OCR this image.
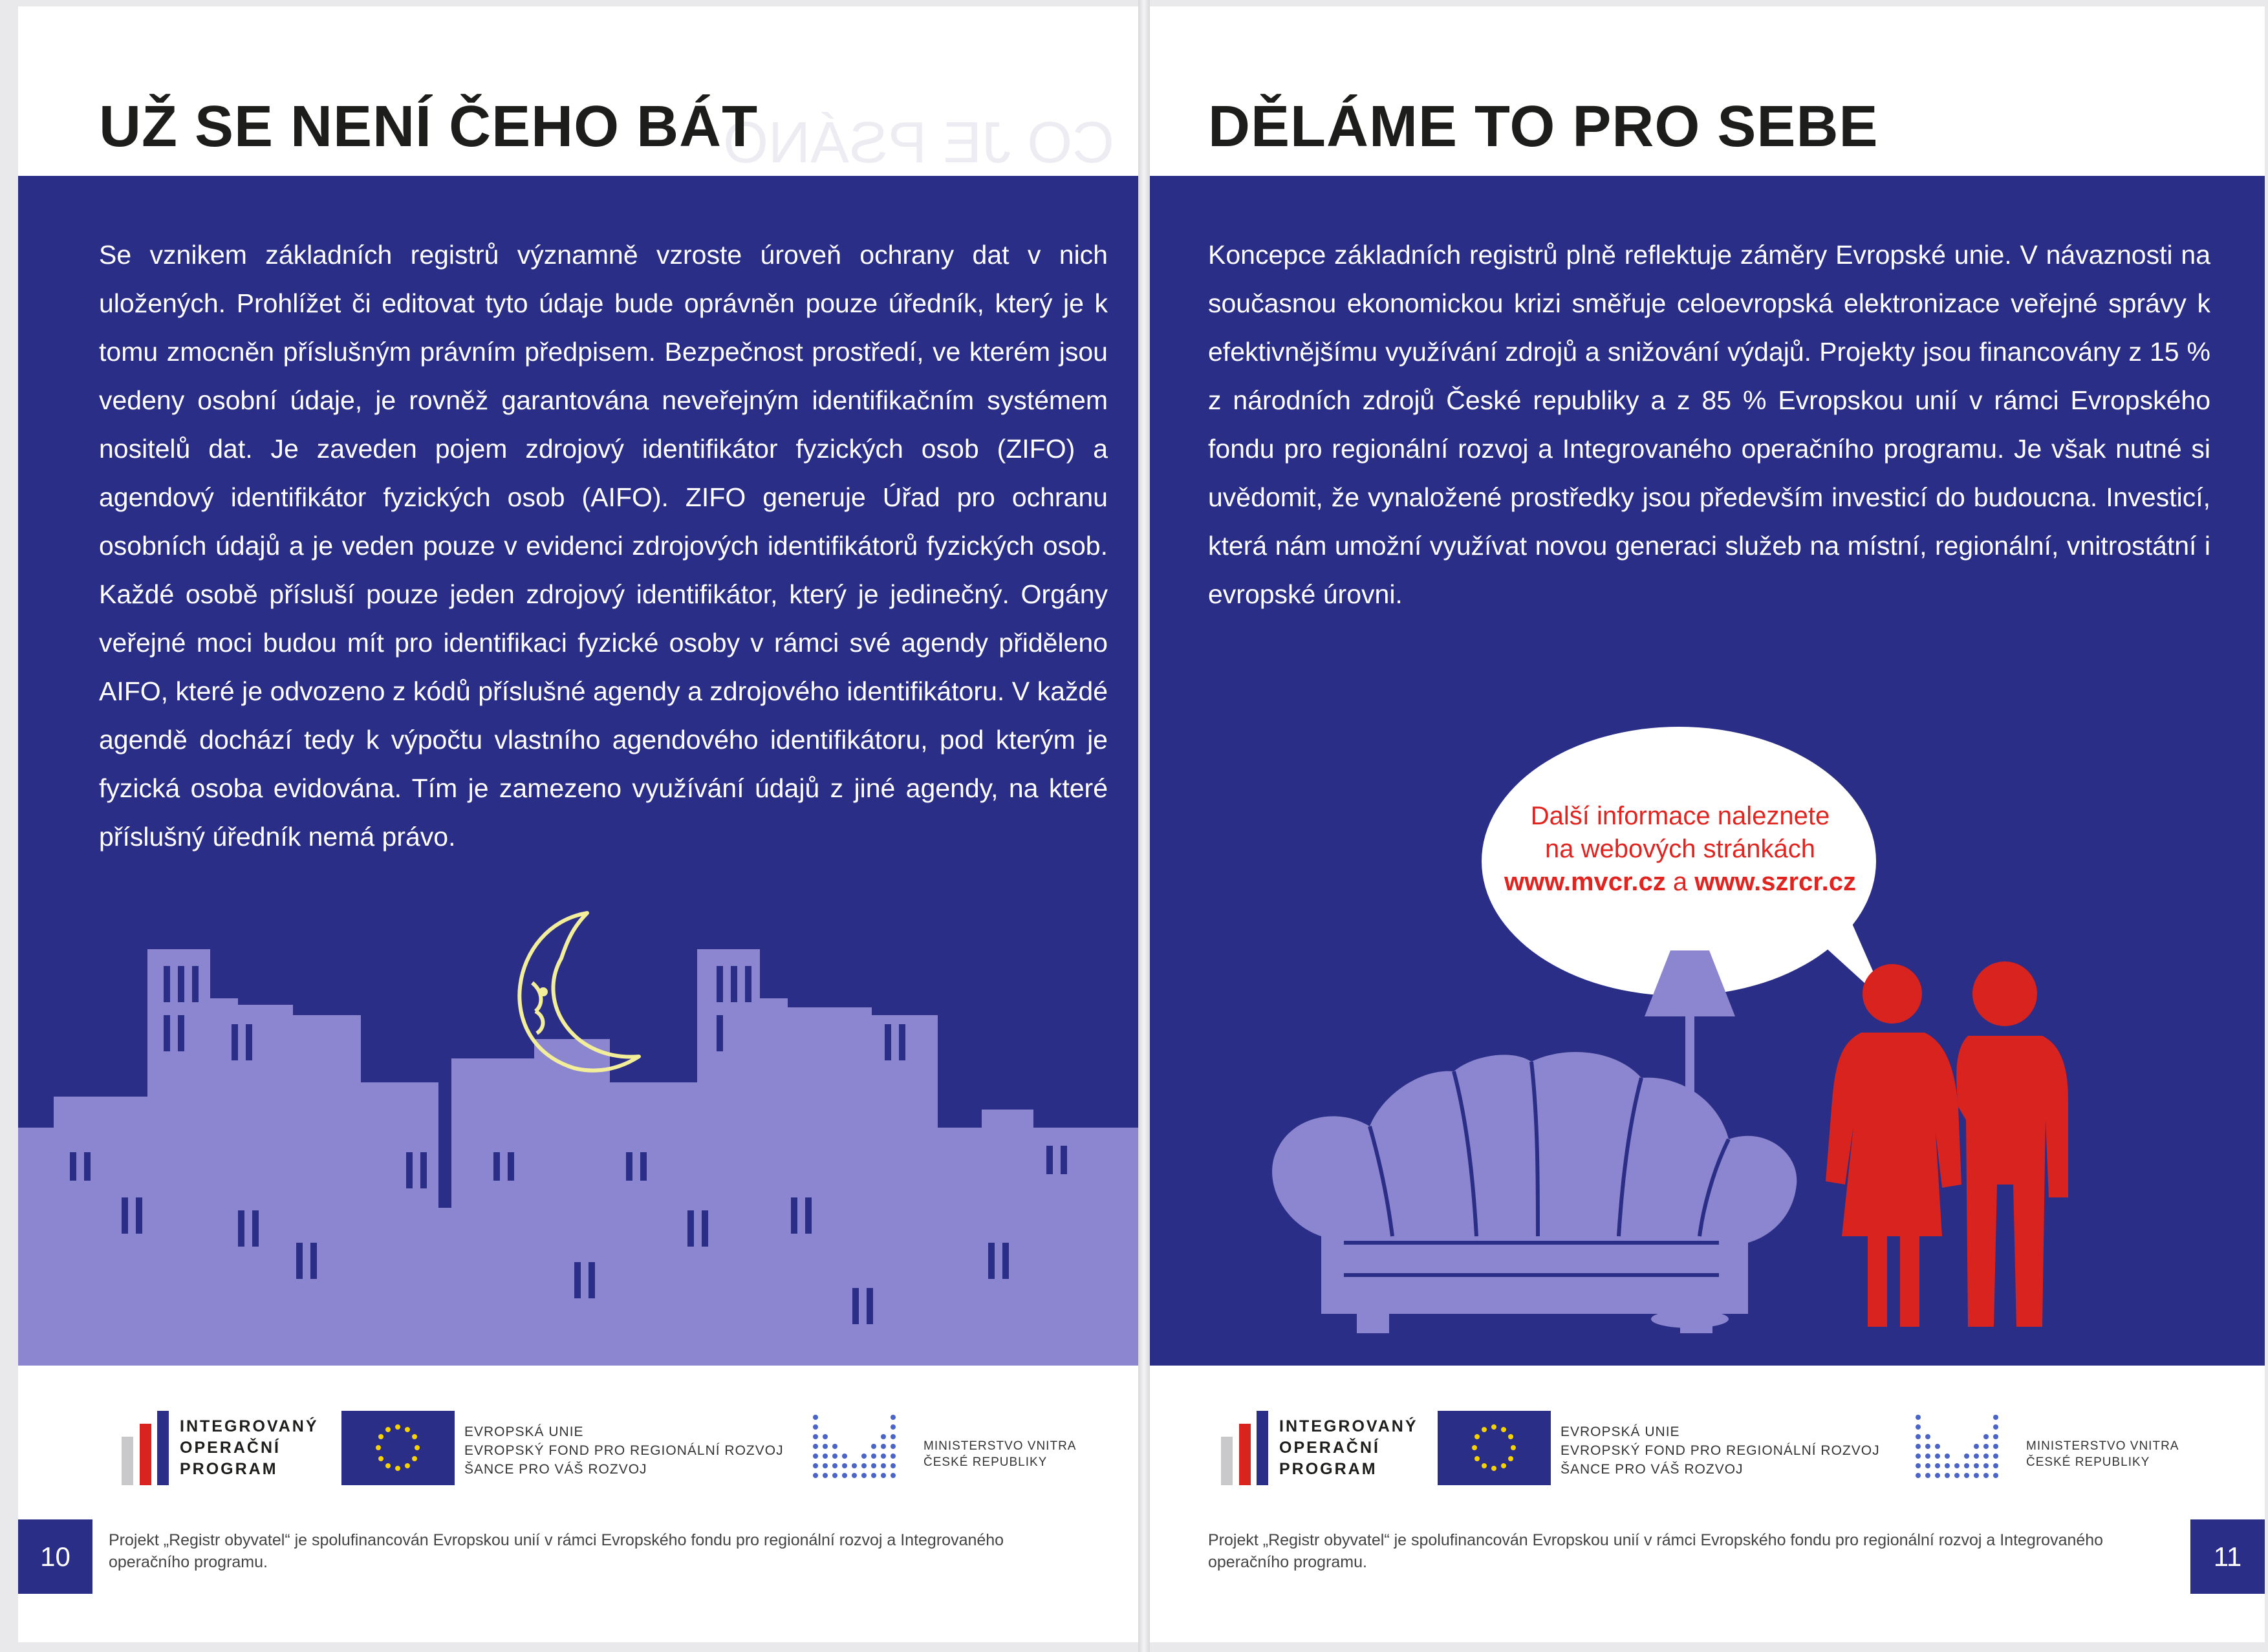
CO JE PSÁNO
UŽ SE NENÍ ČEHO BÁT

Se vznikem základních registrů významně vzroste úroveň ochrany dat v nich uložených. Prohlížet či editovat tyto údaje bude oprávněn pouze úředník, který je k tomu zmocněn příslušným právním předpisem. Bezpečnost prostředí, ve kterém jsou vedeny osobní údaje, je rovněž garantována neveřejným identifikačním systémem nositelů dat. Je zaveden pojem zdrojový identifikátor fyzických osob (ZIFO) a agendový identifikátor fyzických osob (AIFO). ZIFO generuje Úřad pro ochranu osobních údajů a je veden pouze v evidenci zdrojových identifikátorů fyzických osob. Každé osobě přísluší pouze jeden zdrojový identifikátor, který je jedinečný. Orgány veřejné moci budou mít pro identifikaci fyzické osoby v rámci své agendy přiděleno AIFO, které je odvozeno z kódů příslušné agendy a zdrojového identifikátoru. V každé agendě dochází tedy k výpočtu vlastního agendového identifikátoru, pod kterým je fyzická osoba evidována. Tím je zamezeno využívání údajů z jiné agendy, na které příslušný úředník nemá právo.

INTEGROVANÝ
OPERAČNÍ
PROGRAM
EVROPSKÁ UNIE
EVROPSKÝ FOND PRO REGIONÁLNÍ ROZVOJ
ŠANCE PRO VÁŠ ROZVOJ
MINISTERSTVO VNITRA
ČESKÉ REPUBLIKY
10

Projekt „Registr obyvatel“ je spolufinancován Evropskou unií v rámci Evropského fondu pro regionální rozvoj a Integrovaného operačního programu.

DĚLÁME TO PRO SEBE

Koncepce základních registrů plně reflektuje záměry Evropské unie. V návaznosti na současnou ekonomickou krizi směřuje celoevropská elektronizace veřejné správy k efektivnějšímu využívání zdrojů a snižování výdajů. Projekty jsou financovány z 15 % z národních zdrojů České republiky a z 85 % Evropskou unií v rámci Evropského fondu pro regionální rozvoj a Integrovaného operačního programu. Je však nutné si uvědomit, že vynaložené prostředky jsou především investicí do budoucna. Investicí, která nám umožní využívat novou generaci služeb na místní, regionální, vnitrostátní i evropské úrovni.

Další informace naleznete
na webových stránkách
www.mvcr.cz a www.szrcr.cz
INTEGROVANÝ
OPERAČNÍ
PROGRAM
EVROPSKÁ UNIE
EVROPSKÝ FOND PRO REGIONÁLNÍ ROZVOJ
ŠANCE PRO VÁŠ ROZVOJ
MINISTERSTVO VNITRA
ČESKÉ REPUBLIKY

Projekt „Registr obyvatel“ je spolufinancován Evropskou unií v rámci Evropského fondu pro regionální rozvoj a Integrovaného operačního programu.	11
